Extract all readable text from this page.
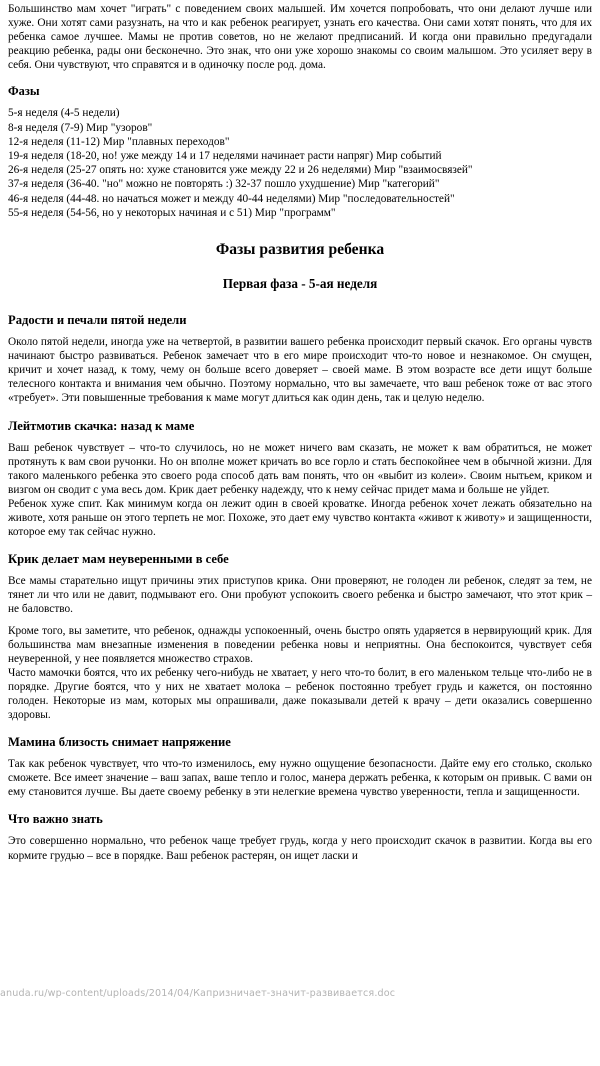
Большинство мам хочет "играть" с поведением своих малышей. Им хочется попробовать, что они делают лучше или хуже. Они хотят сами разузнать, на что и как ребенок реагирует, узнать его качества. Они сами хотят понять, что для их ребенка самое лучшее. Мамы не против советов, но не желают предписаний. И когда они правильно предугадали реакцию ребенка, рады они бесконечно. Это знак, что они уже хорошо знакомы со своим малышом. Это усиляет веру в себя. Они чувствуют, что справятся и в одиночку после род. дома.

Фазы
5-я неделя (4-5 недели)
8-я неделя (7-9) Мир "узоров"
12-я неделя (11-12) Мир "плавных переходов"
19-я неделя (18-20, но! уже между 14 и 17 неделями начинает расти напряг) Мир событий
26-я неделя (25-27 опять но: хуже становится уже между 22 и 26 неделями) Мир "взаимосвязей"
37-я неделя (36-40. "но" можно не повторять :) 32-37 пошло ухудшение) Мир "категорий"
46-я неделя (44-48. но начаться может и между 40-44 неделями) Мир "последовательностей"
55-я неделя (54-56, но у некоторых начиная и с 51) Мир "программ"
Фазы развития ребенка
Первая фаза - 5-ая неделя
Радости и печали пятой недели

Около пятой недели, иногда уже на четвертой, в развитии вашего ребенка происходит первый скачок. Его органы чувств начинают быстро развиваться. Ребенок замечает что в его мире происходит что-то новое и незнакомое. Он смущен, кричит и хочет назад, к тому, чему он больше всего доверяет – своей маме. В этом возрасте все дети ищут больше телесного контакта и внимания чем обычно. Поэтому нормально, что вы замечаете, что ваш ребенок тоже от вас этого «требует». Эти повышенные требования к маме могут длиться как один день, так и целую неделю.

Лейтмотив скачка: назад к маме

Ваш ребенок чувствует – что-то случилось, но не может ничего вам сказать, не может к вам обратиться, не может протянуть к вам свои ручонки. Но он вполне может кричать во все горло и стать беспокойнее чем в обычной жизни. Для такого маленького ребенка это своего рода способ дать вам понять, что он «выбит из колеи». Своим нытьем, криком и визгом он сводит с ума весь дом. Крик дает ребенку надежду, что к нему сейчас придет мама и больше не уйдет.

Ребенок хуже спит. Как минимум когда он лежит один в своей кроватке. Иногда ребенок хочет лежать обязательно на животе, хотя раньше он этого терпеть не мог. Похоже, это дает ему чувство контакта «живот к животу» и защищенности, которое ему так сейчас нужно.

Крик делает мам неуверенными в себе

Все мамы старательно ищут причины этих приступов крика. Они проверяют, не голоден ли ребенок, следят за тем, не тянет ли что или не давит, подмывают его. Они пробуют успокоить своего ребенка и быстро замечают, что этот крик – не баловство.

Кроме того, вы заметите, что ребенок, однажды успокоенный, очень быстро опять ударяется в нервирующий крик. Для большинства мам внезапные изменения в поведении ребенка новы и неприятны. Она беспокоится, чувствует себя неуверенной, у нее появляется множество страхов.

Часто мамочки боятся, что их ребенку чего-нибудь не хватает, у него что-то болит, в его маленьком тельце что-либо не в порядке. Другие боятся, что у них не хватает молока – ребенок постоянно требует грудь и кажется, он постоянно голоден. Некоторые из мам, которых мы опрашивали, даже показывали детей к врачу – дети оказались совершенно здоровы.

Мамина близость снимает напряжение

Так как ребенок чувствует, что что-то изменилось, ему нужно ощущение безопасности. Дайте ему его столько, сколько сможете. Все имеет значение – ваш запах, ваше тепло и голос, манера держать ребенка, к которым он привык. С вами он ему становится лучше. Вы даете своему ребенку в эти нелегкие времена чувство уверенности, тепла и защищенности.

Что важно знать

Это совершенно нормально, что ребенок чаще требует грудь, когда у него происходит скачок в развитии. Когда вы его кормите грудью – все в порядке. Ваш ребенок растерян, он ищет ласки и

anuda.ru/wp-content/uploads/2014/04/Капризничает-значит-развивается.doc
